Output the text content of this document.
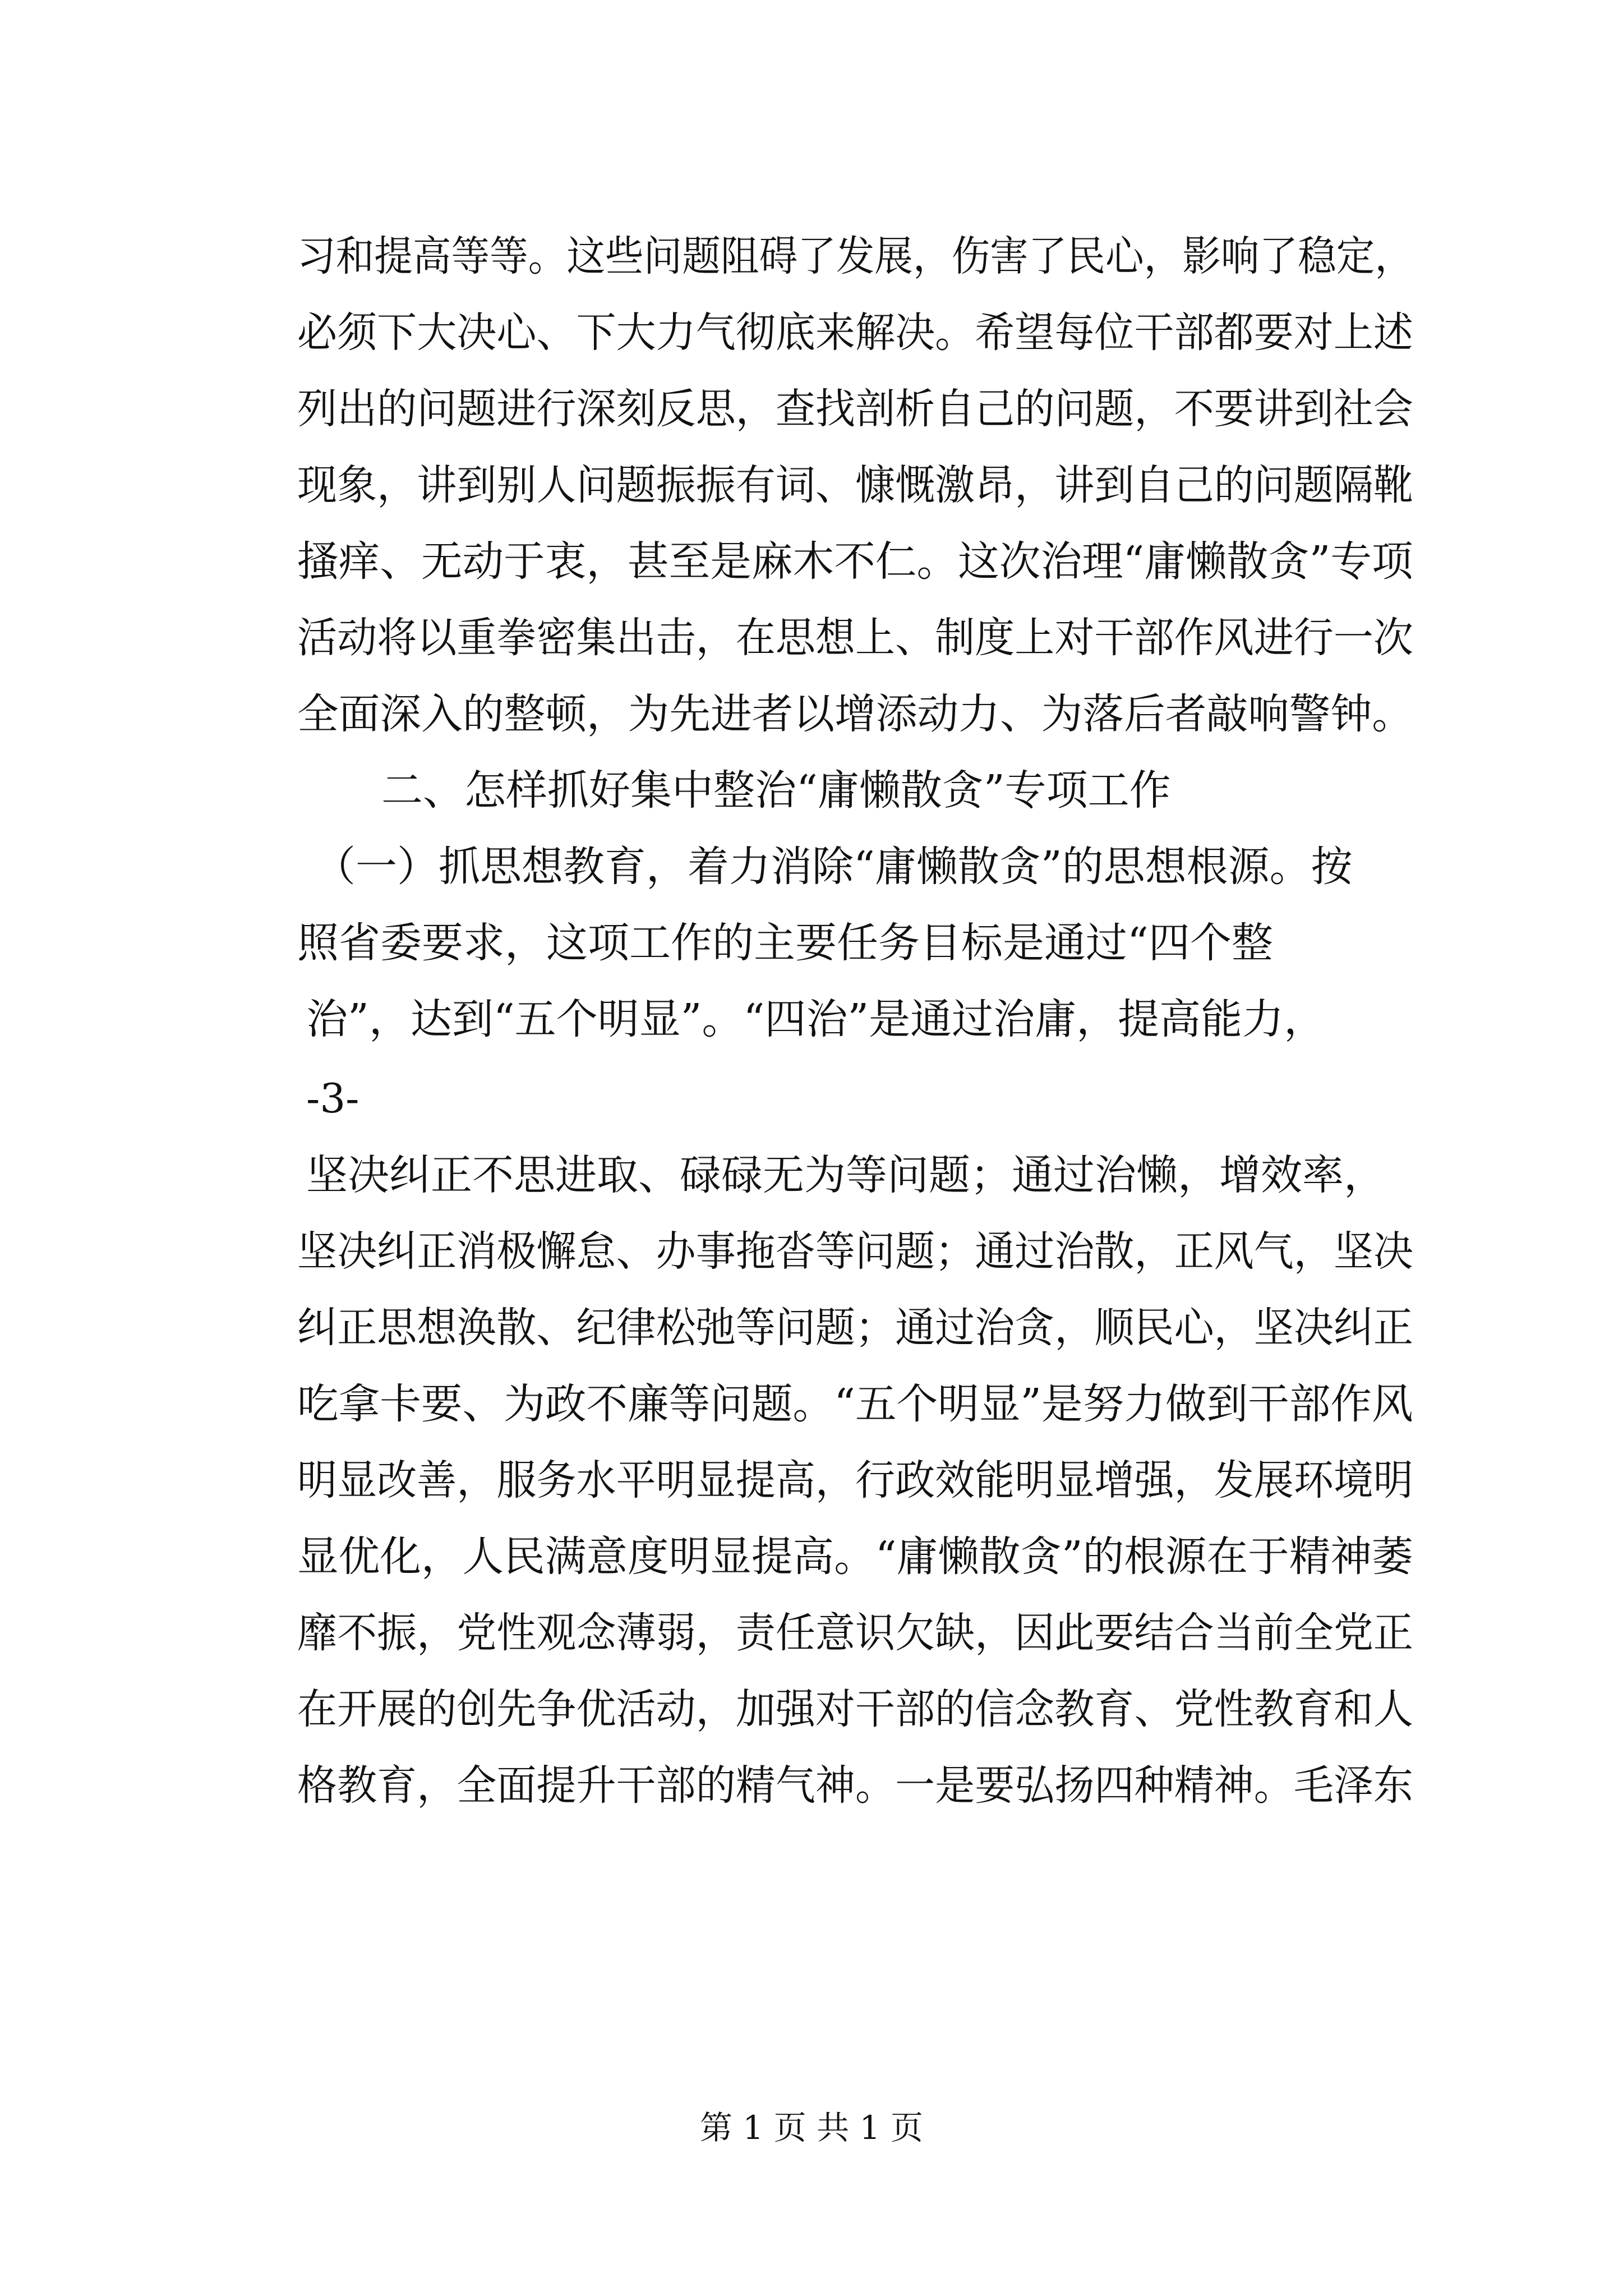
习和提高等等。这些问题阻碍了发展，伤害了民心，影响了稳定，
必须下大决心、下大力气彻底来解决。希望每位干部都要对上述
列出的问题进行深刻反思，查找剖析自己的问题，不要讲到社会
现象，讲到别人问题振振有词、慷慨激昂，讲到自己的问题隔靴
搔痒、无动于衷，甚至是麻木不仁。这次治理“庸懒散贪”专项
活动将以重拳密集出击，在思想上、制度上对干部作风进行一次
全面深入的整顿，为先进者以增添动力、为落后者敲响警钟。
二、怎样抓好集中整治“庸懒散贪”专项工作
（一）抓思想教育，着力消除“庸懒散贪”的思想根源。按
照省委要求，这项工作的主要任务目标是通过“四个整
治”，达到“五个明显”。“四治”是通过治庸，提高能力，
-3-
坚决纠正不思进取、碌碌无为等问题；通过治懒，增效率，
坚决纠正消极懈怠、办事拖沓等问题；通过治散，正风气，坚决
纠正思想涣散、纪律松弛等问题；通过治贪，顺民心，坚决纠正
吃拿卡要、为政不廉等问题。“五个明显”是努力做到干部作风
明显改善，服务水平明显提高，行政效能明显增强，发展环境明
显优化，人民满意度明显提高。“庸懒散贪”的根源在于精神萎
靡不振，党性观念薄弱，责任意识欠缺，因此要结合当前全党正
在开展的创先争优活动，加强对干部的信念教育、党性教育和人
格教育，全面提升干部的精气神。一是要弘扬四种精神。毛泽东
第 1 页 共 1 页
